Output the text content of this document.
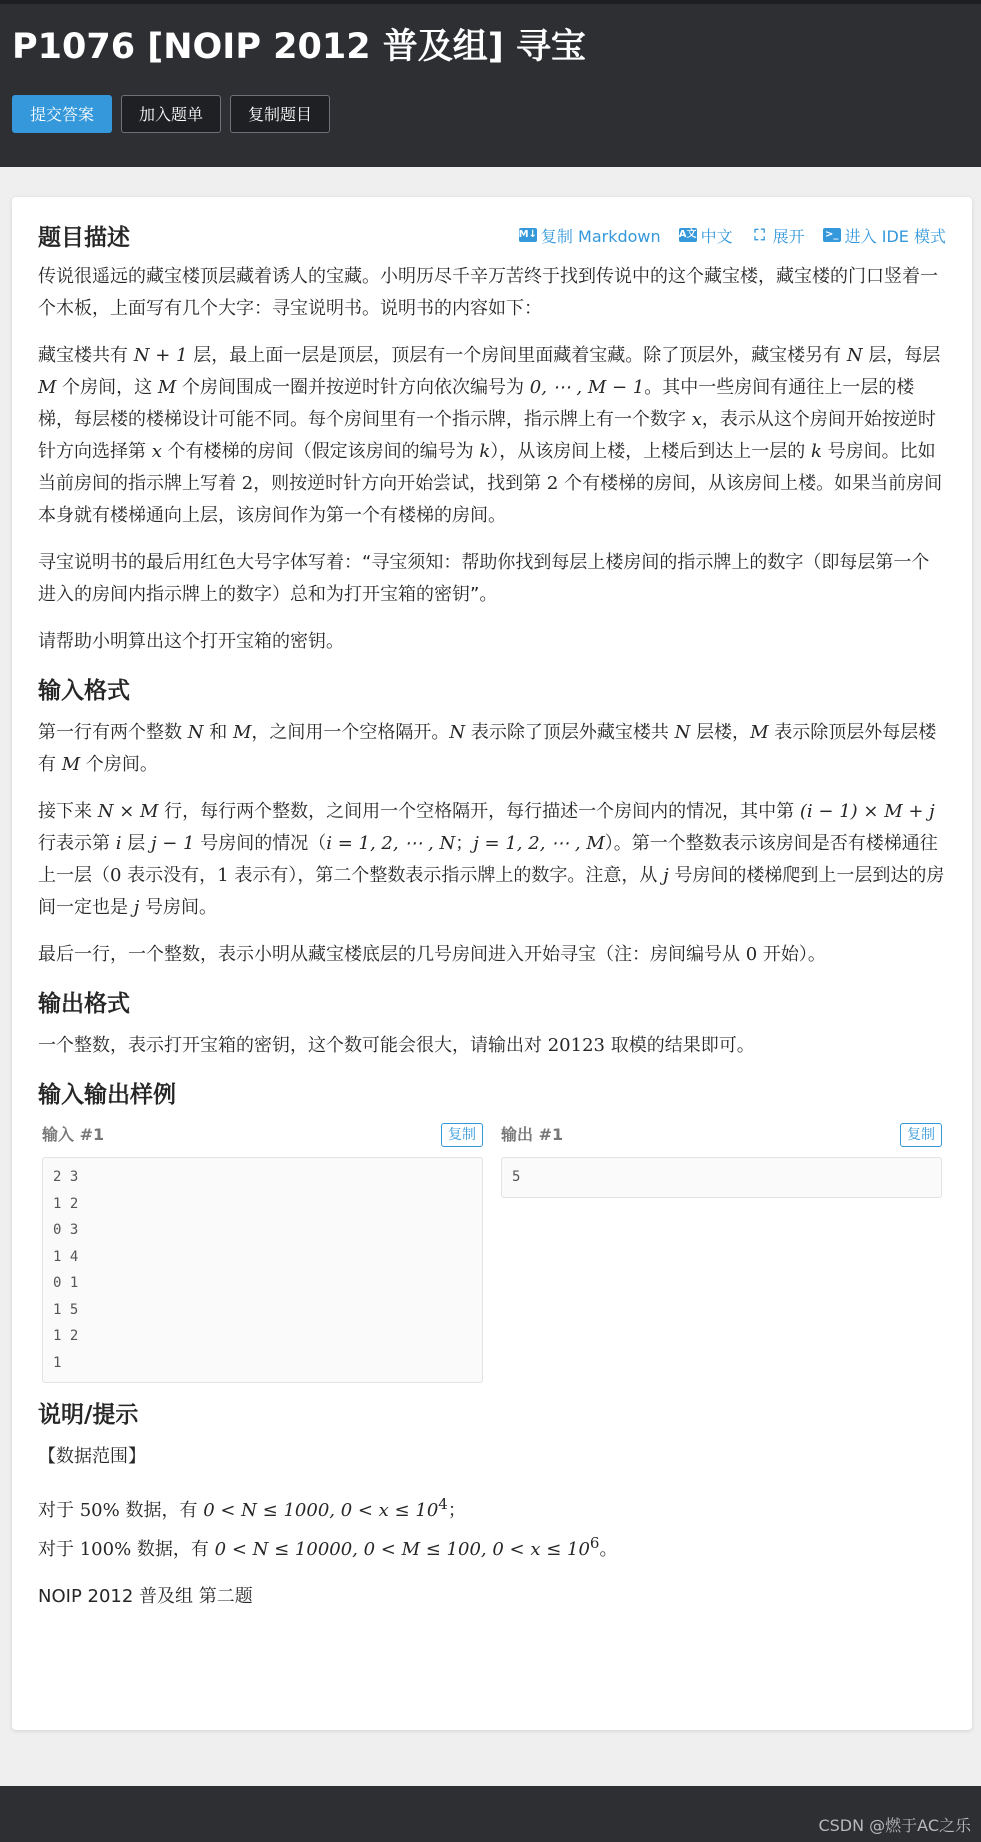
P1076 [NOIP 2012 普及组] 寻宝
提交答案	加入题单	复制题目
题目描述	M↓ 复制 Markdown A文 中文 ⛶ 展开 >_ 进入 IDE 模式

传说很遥远的藏宝楼顶层藏着诱人的宝藏。小明历尽千辛万苦终于找到传说中的这个藏宝楼，藏宝楼的门口竖着一个木板，上面写有几个大字：寻宝说明书。说明书的内容如下：

藏宝楼共有 N + 1 层，最上面一层是顶层，顶层有一个房间里面藏着宝藏。除了顶层外，藏宝楼另有 N 层，每层 M 个房间，这 M 个房间围成一圈并按逆时针方向依次编号为 0, ⋯ , M − 1。其中一些房间有通往上一层的楼梯，每层楼的楼梯设计可能不同。每个房间里有一个指示牌，指示牌上有一个数字 x，表示从这个房间开始按逆时针方向选择第 x 个有楼梯的房间（假定该房间的编号为 k），从该房间上楼，上楼后到达上一层的 k 号房间。比如当前房间的指示牌上写着 2，则按逆时针方向开始尝试，找到第 2 个有楼梯的房间，从该房间上楼。如果当前房间本身就有楼梯通向上层，该房间作为第一个有楼梯的房间。

寻宝说明书的最后用红色大号字体写着：“寻宝须知：帮助你找到每层上楼房间的指示牌上的数字（即每层第一个进入的房间内指示牌上的数字）总和为打开宝箱的密钥”。

请帮助小明算出这个打开宝箱的密钥。

输入格式

第一行有两个整数 N 和 M，之间用一个空格隔开。N 表示除了顶层外藏宝楼共 N 层楼，M 表示除顶层外每层楼有 M 个房间。

接下来 N × M 行，每行两个整数，之间用一个空格隔开，每行描述一个房间内的情况，其中第 (i − 1) × M + j 行表示第 i 层 j − 1 号房间的情况（i = 1, 2, ⋯ , N；j = 1, 2, ⋯ , M）。第一个整数表示该房间是否有楼梯通往上一层（0 表示没有，1 表示有），第二个整数表示指示牌上的数字。注意，从 j 号房间的楼梯爬到上一层到达的房间一定也是 j 号房间。

最后一行，一个整数，表示小明从藏宝楼底层的几号房间进入开始寻宝（注：房间编号从 0 开始）。

输出格式

一个整数，表示打开宝箱的密钥，这个数可能会很大，请输出对 20123 取模的结果即可。

输入输出样例
输入 #1	复制
2 3
1 2
0 3
1 4
0 1
1 5
1 2
1
输出 #1	复制
5
说明/提示

【数据范围】

对于 50% 数据，有 0 < N ≤ 1000, $0 < x \le 10^4$；
对于 100% 数据，有 0 < N ≤ 10000, 0 < M ≤ 100, $0 < x \le 10^6$。

NOIP 2012 普及组 第二题

CSDN @燃于AC之乐
